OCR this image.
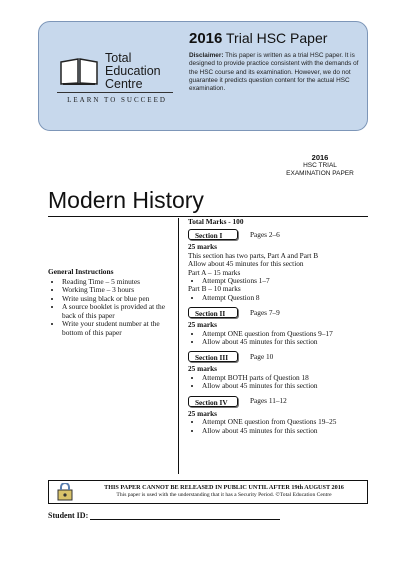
Total
Education
Centre
LEARN TO SUCCEED
2016 Trial HSC Paper
Disclaimer: This paper is written as a trial HSC paper. It is designed to provide practice consistent with the demands of the HSC course and its examination. However, we do not guarantee it predicts question content for the actual HSC examination.
2016
HSC TRIAL
EXAMINATION PAPER
Modern History
General Instructions
• Reading Time – 5 minutes
• Working Time – 3 hours
• Write using black or blue pen
• A source booklet is provided at the back of this paper
• Write your student number at the bottom of this paper
Total Marks - 100
Section I	Pages 2–6
25 marks
This section has two parts, Part A and Part B
Allow about 45 minutes for this section
Part A – 15 marks
• Attempt Questions 1–7
Part B – 10 marks
• Attempt Question 8
Section II	Pages 7–9
25 marks
• Attempt ONE question from Questions 9–17
• Allow about 45 minutes for this section
Section III	Page 10
25 marks
• Attempt BOTH parts of Question 18
• Allow about 45 minutes for this section
Section IV	Pages 11–12
25 marks
• Attempt ONE question from Questions 19–25
• Allow about 45 minutes for this section
THIS PAPER CANNOT BE RELEASED IN PUBLIC UNTIL AFTER 19th AUGUST 2016
This paper is used with the understanding that it has a Security Period. ©Total Education Centre
Student ID:
